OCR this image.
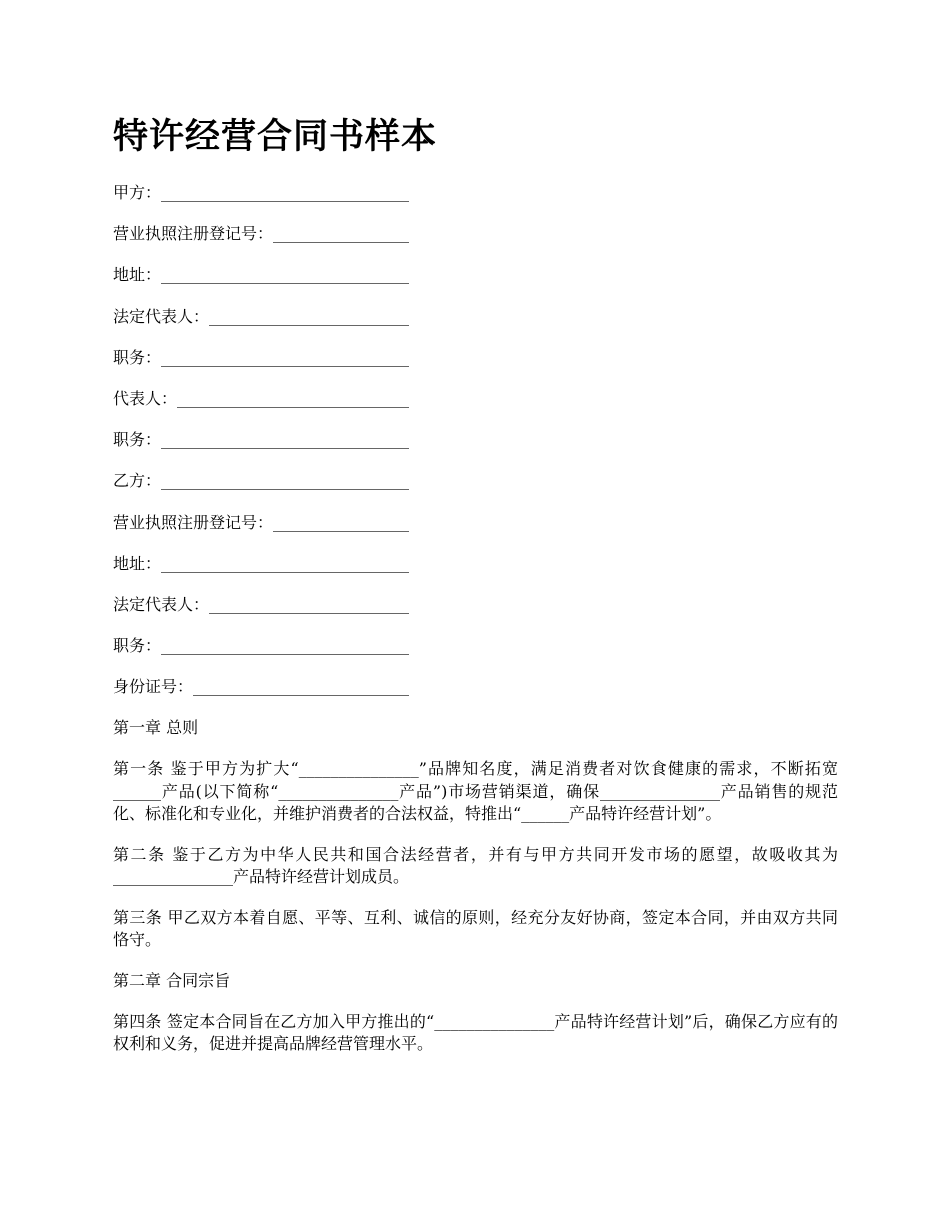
特许经营合同书样本
甲方：_______________________________
营业执照注册登记号：_________________
地址：_______________________________
法定代表人：_________________________
职务：_______________________________
代表人：_____________________________
职务：_______________________________
乙方：_______________________________
营业执照注册登记号：_________________
地址：_______________________________
法定代表人：_________________________
职务：_______________________________
身份证号：___________________________
第一章 总则

第一条 鉴于甲方为扩大“_______________”品牌知名度，满足消费者对饮食健康的需求，不断拓宽______产品(以下简称“_______________产品”)市场营销渠道，确保_______________产品销售的规范化、标准化和专业化，并维护消费者的合法权益，特推出“______产品特许经营计划”。

第二条 鉴于乙方为中华人民共和国合法经营者，并有与甲方共同开发市场的愿望，故吸收其为_______________产品特许经营计划成员。

第三条 甲乙双方本着自愿、平等、互利、诚信的原则，经充分友好协商，签定本合同，并由双方共同恪守。

第二章 合同宗旨

第四条 签定本合同旨在乙方加入甲方推出的“_______________产品特许经营计划”后，确保乙方应有的权利和义务，促进并提高品牌经营管理水平。
